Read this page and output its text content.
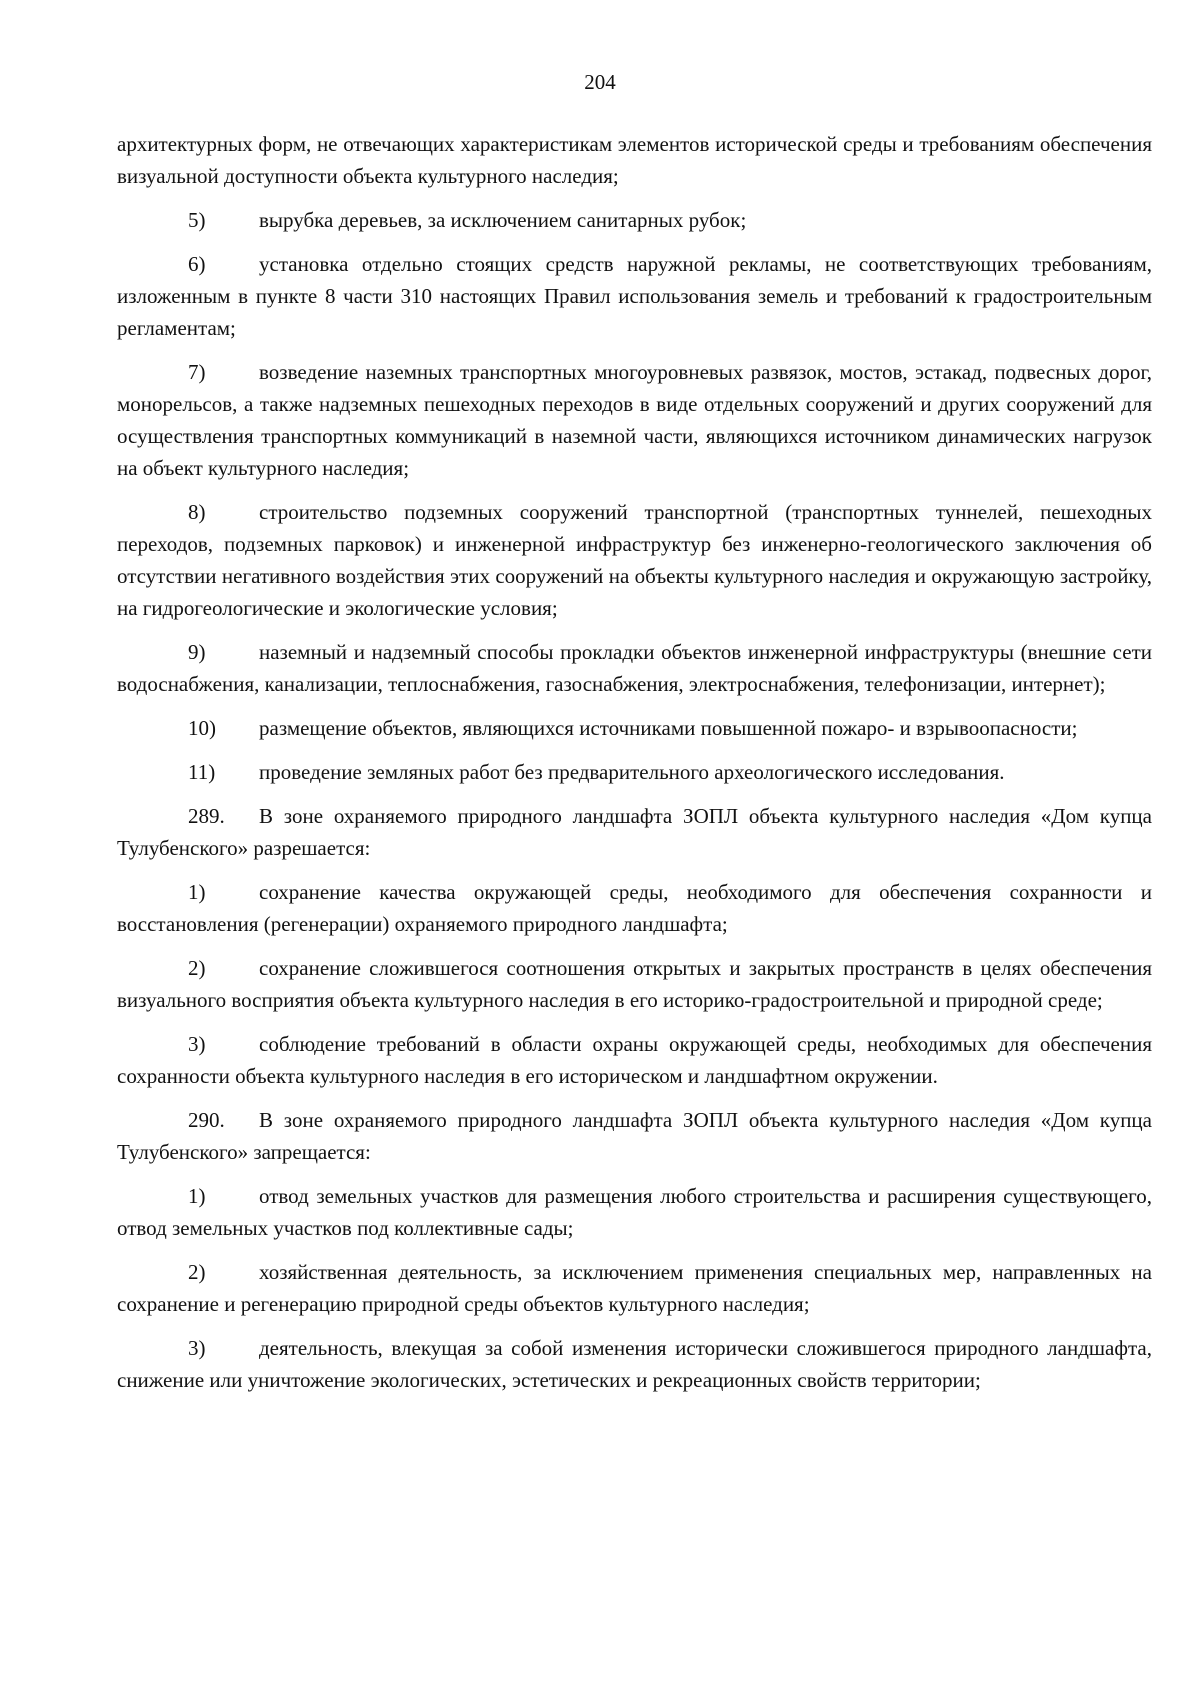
204

архитектурных форм, не отвечающих характеристикам элементов исторической среды и требованиям обеспечения визуальной доступности объекта культурного наследия;

5)	вырубка деревьев, за исключением санитарных рубок;

6)	установка отдельно стоящих средств наружной рекламы, не соответствующих требованиям, изложенным в пункте 8 части 310 настоящих Правил использования земель и требований к градостроительным регламентам;

7)	возведение наземных транспортных многоуровневых развязок, мостов, эстакад, подвесных дорог, монорельсов, а также надземных пешеходных переходов в виде отдельных сооружений и других сооружений для осуществления транспортных коммуникаций в наземной части, являющихся источником динамических нагрузок на объект культурного наследия;

8)	строительство подземных сооружений транспортной (транспортных туннелей, пешеходных переходов, подземных парковок) и инженерной инфраструктур без инженерно-геологического заключения об отсутствии негативного воздействия этих сооружений на объекты культурного наследия и окружающую застройку, на гидрогеологические и экологические условия;

9)	наземный и надземный способы прокладки объектов инженерной инфраструктуры (внешние сети водоснабжения, канализации, теплоснабжения, газоснабжения, электроснабжения, телефонизации, интернет);

10) размещение объектов, являющихся источниками повышенной пожаро- и взрывоопасности;

11) проведение земляных работ без предварительного археологического исследования.

289. В зоне охраняемого природного ландшафта ЗОПЛ объекта культурного наследия «Дом купца Тулубенского» разрешается:

1)	сохранение качества окружающей среды, необходимого для обеспечения сохранности и восстановления (регенерации) охраняемого природного ландшафта;

2)	сохранение сложившегося соотношения открытых и закрытых пространств в целях обеспечения визуального восприятия объекта культурного наследия в его историко-градостроительной и природной среде;

3)	соблюдение требований в области охраны окружающей среды, необходимых для обеспечения сохранности объекта культурного наследия в его историческом и ландшафтном окружении.

290. В зоне охраняемого природного ландшафта ЗОПЛ объекта культурного наследия «Дом купца Тулубенского» запрещается:

1)	отвод земельных участков для размещения любого строительства и расширения существующего, отвод земельных участков под коллективные сады;

2)	хозяйственная деятельность, за исключением применения специальных мер, направленных на сохранение и регенерацию природной среды объектов культурного наследия;

3)	деятельность, влекущая за собой изменения исторически сложившегося природного ландшафта, снижение или уничтожение экологических, эстетических и рекреационных свойств территории;
